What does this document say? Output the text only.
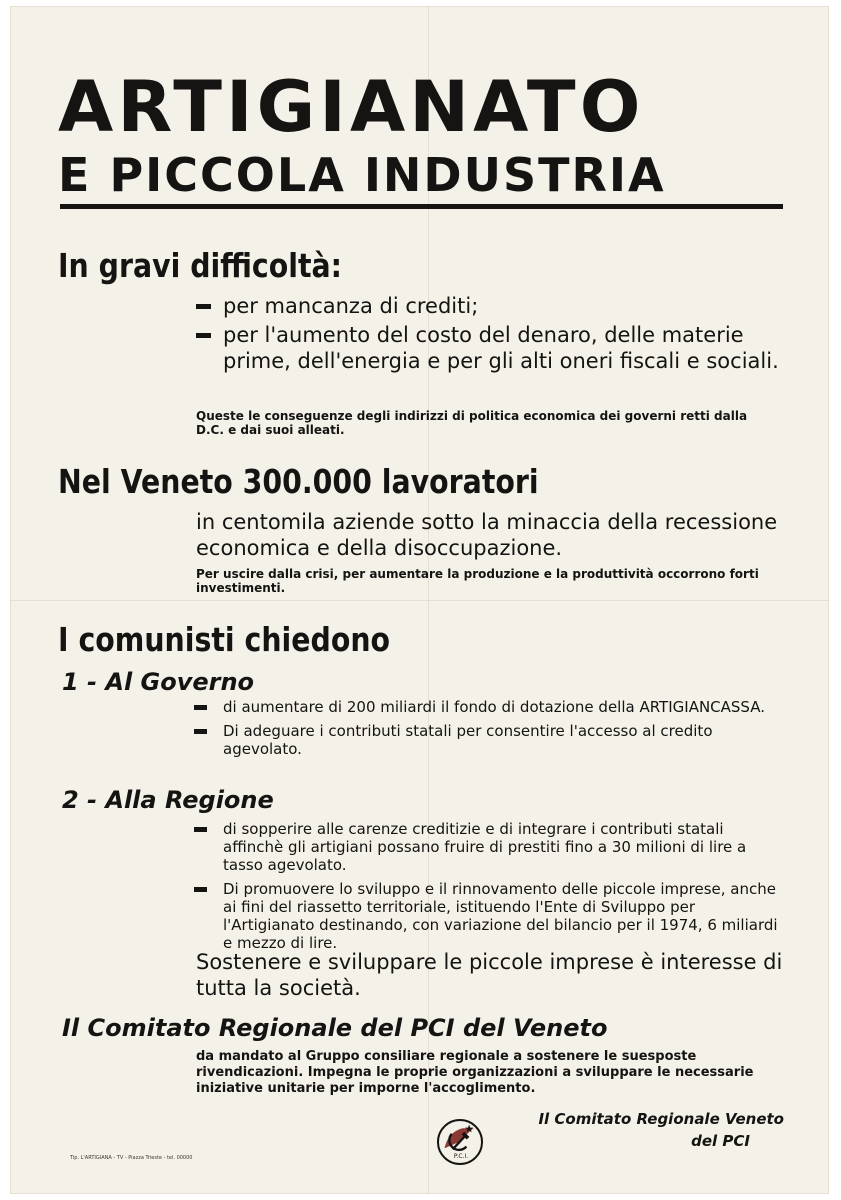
ARTIGIANATO
E PICCOLA INDUSTRIA
In gravi difficoltà:
per mancanza di crediti;
per l'aumento del costo del denaro, delle materie prime, dell'energia e per gli alti oneri fiscali e sociali.
Queste le conseguenze degli indirizzi di politica economica dei governi retti dalla D.C. e dai suoi alleati.
Nel Veneto 300.000 lavoratori
in centomila aziende sotto la minaccia della recessione economica e della disoccupazione.
Per uscire dalla crisi, per aumentare la produzione e la produttività occorrono forti investimenti.
I comunisti chiedono
1 - Al Governo
di aumentare di 200 miliardi il fondo di dotazione della ARTIGIANCASSA.
Di adeguare i contributi statali per consentire l'accesso al credito agevolato.
2 - Alla Regione
di sopperire alle carenze creditizie e di integrare i contributi statali affinchè gli artigiani possano fruire di prestiti fino a 30 milioni di lire a tasso agevolato.
Di promuovere lo sviluppo e il rinnovamento delle piccole imprese, anche ai fini del riassetto territoriale, istituendo l'Ente di Sviluppo per l'Artigianato destinando, con variazione del bilancio per il 1974, 6 miliardi e mezzo di lire.
Sostenere e sviluppare le piccole imprese è interesse di tutta la società.
Il Comitato Regionale del PCI del Veneto
da mandato al Gruppo consiliare regionale a sostenere le suesposte rivendicazioni. Impegna le proprie organizzazioni a sviluppare le necessarie iniziative unitarie per imporne l'accoglimento.
P.C.I.
Il Comitato Regionale Veneto
del PCI
Tip. L'ARTIGIANA - TV - Piazza Trieste - tel. 00000
